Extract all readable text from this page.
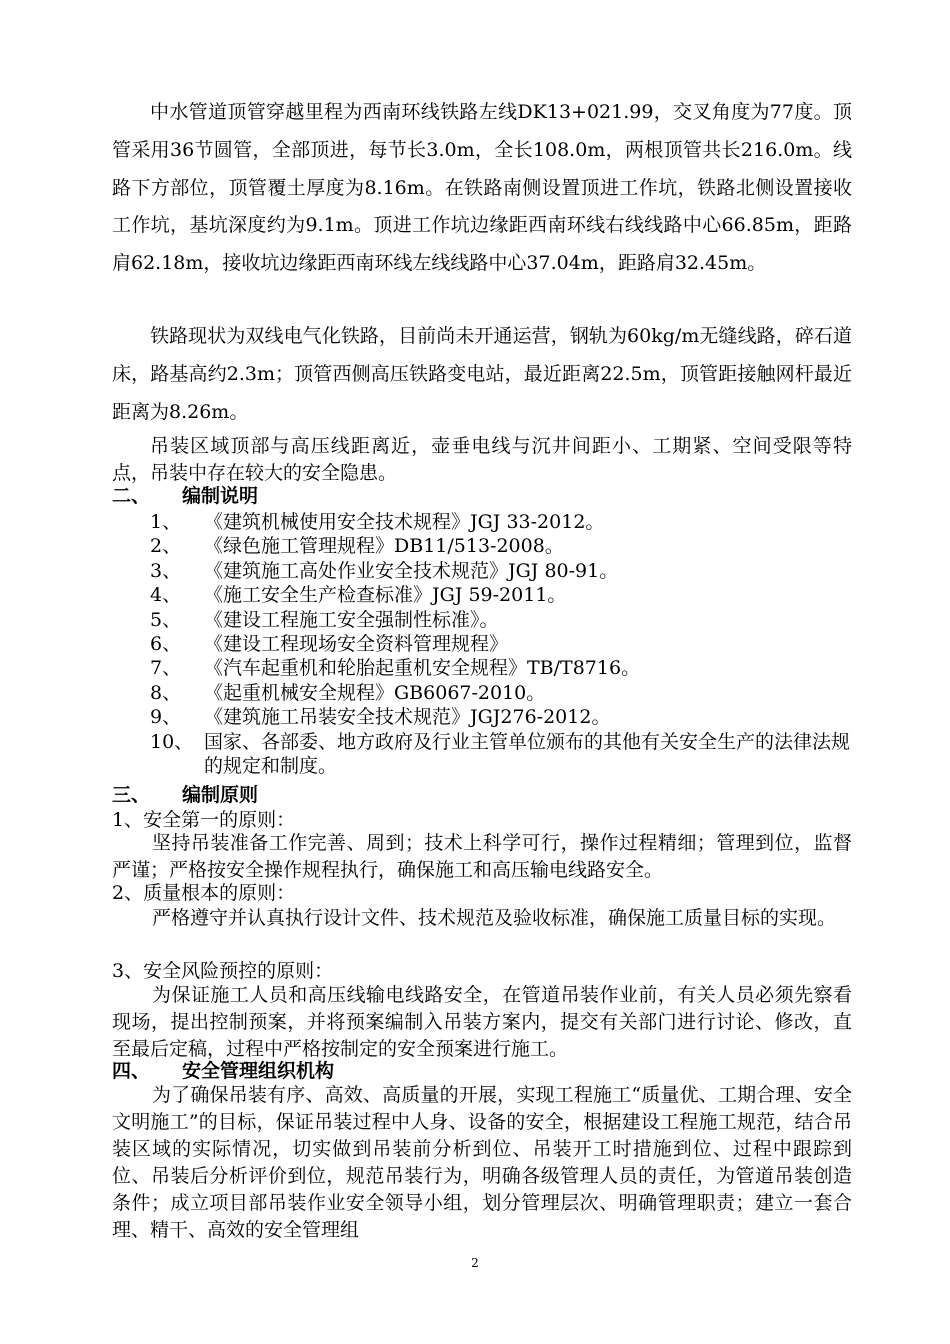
中水管道顶管穿越里程为西南环线铁路左线DK13+021.99，交叉角度为77度。顶管采用36节圆管，全部顶进，每节长3.0m，全长108.0m，两根顶管共长216.0m。线路下方部位，顶管覆土厚度为8.16m。在铁路南侧设置顶进工作坑，铁路北侧设置接收工作坑，基坑深度约为9.1m。顶进工作坑边缘距西南环线右线线路中心66.85m，距路肩62.18m，接收坑边缘距西南环线左线线路中心37.04m，距路肩32.45m。

铁路现状为双线电气化铁路，目前尚未开通运营，钢轨为60kg/m无缝线路，碎石道床，路基高约2.3m；顶管西侧高压铁路变电站，最近距离22.5m，顶管距接触网杆最近距离为8.26m。

吊装区域顶部与高压线距离近，壶垂电线与沉井间距小、工期紧、空间受限等特点，吊装中存在较大的安全隐患。

二、 编制说明
1、	《建筑机械使用安全技术规程》JGJ 33-2012。
2、	《绿色施工管理规程》DB11/513-2008。
3、	《建筑施工高处作业安全技术规范》JGJ 80-91。
4、	《施工安全生产检查标准》JGJ 59-2011。
5、	《建设工程施工安全强制性标准》。
6、	《建设工程现场安全资料管理规程》
7、	《汽车起重机和轮胎起重机安全规程》TB/T8716。
8、	《起重机械安全规程》GB6067-2010。
9、	《建筑施工吊装安全技术规范》JGJ276-2012。
10、 国家、各部委、地方政府及行业主管单位颁布的其他有关安全生产的法律法规的规定和制度。
三、 编制原则
1、安全第一的原则：

坚持吊装准备工作完善、周到；技术上科学可行，操作过程精细；管理到位，监督严谨；严格按安全操作规程执行，确保施工和高压输电线路安全。

2、质量根本的原则：

严格遵守并认真执行设计文件、技术规范及验收标准，确保施工质量目标的实现。

3、安全风险预控的原则：

为保证施工人员和高压线输电线路安全，在管道吊装作业前，有关人员必须先察看现场，提出控制预案，并将预案编制入吊装方案内，提交有关部门进行讨论、修改，直至最后定稿，过程中严格按制定的安全预案进行施工。

四、 安全管理组织机构

为了确保吊装有序、高效、高质量的开展，实现工程施工“质量优、工期合理、安全文明施工”的目标，保证吊装过程中人身、设备的安全，根据建设工程施工规范，结合吊装区域的实际情况，切实做到吊装前分析到位、吊装开工时措施到位、过程中跟踪到位、吊装后分析评价到位，规范吊装行为，明确各级管理人员的责任，为管道吊装创造条件；成立项目部吊装作业安全领导小组，划分管理层次、明确管理职责；建立一套合理、精干、高效的安全管理组

2
